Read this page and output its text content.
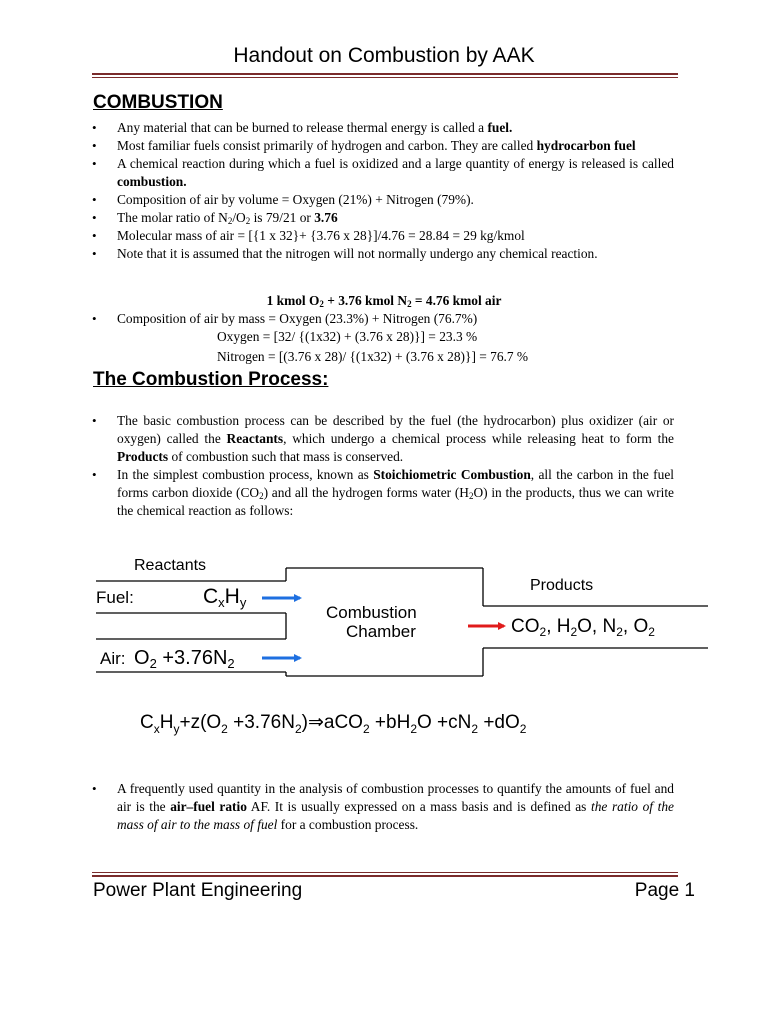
Handout on Combustion by AAK
COMBUSTION
• Any material that can be burned to release thermal energy is called a fuel.
• Most familiar fuels consist primarily of hydrogen and carbon. They are called hydrocarbon fuel
• A chemical reaction during which a fuel is oxidized and a large quantity of energy is released is called combustion.
• Composition of air by volume = Oxygen (21%) + Nitrogen (79%).
• The molar ratio of $N_2/O_2$ is 79/21 or 3.76
• Molecular mass of air = [{1 x 32}+ {3.76 x 28}]/4.76 = 28.84 = 29 kg/kmol
• Note that it is assumed that the nitrogen will not normally undergo any chemical reaction.
1 kmol $O_2 + 3.76$ kmol $N_2 = 4.76$ kmol air
• Composition of air by mass = Oxygen (23.3%) + Nitrogen (76.7%)
Oxygen = [32/ {(1x32) + (3.76 x 28)}] = 23.3 %
Nitrogen = [(3.76 x 28)/ {(1x32) + (3.76 x 28)}] = 76.7 %
The Combustion Process:
• The basic combustion process can be described by the fuel (the hydrocarbon) plus oxidizer (air or oxygen) called the Reactants, which undergo a chemical process while releasing heat to form the Products of combustion such that mass is conserved.
• In the simplest combustion process, known as Stoichiometric Combustion, all the carbon in the fuel forms carbon dioxide $(CO_2)$ and all the hydrogen forms water $(H_2O)$ in the products, thus we can write the chemical reaction as follows:
Reactants
Fuel:	CxHy
Air: $O_2 +3.76N_2$
Combustion
Chamber
Products
$CO_2$, $H_2O$, $N_2$, $O_2$
$C_xH_y+z(O_2$ $+3.76N_2)\Rightarrow aCO_2 +bH_2O +cN_2 +dO_2$
• A frequently used quantity in the analysis of combustion processes to quantify the amounts of fuel and air is the air–fuel ratio AF. It is usually expressed on a mass basis and is defined as the ratio of the mass of air to the mass of fuel for a combustion process.
Power Plant Engineering	Page 1
